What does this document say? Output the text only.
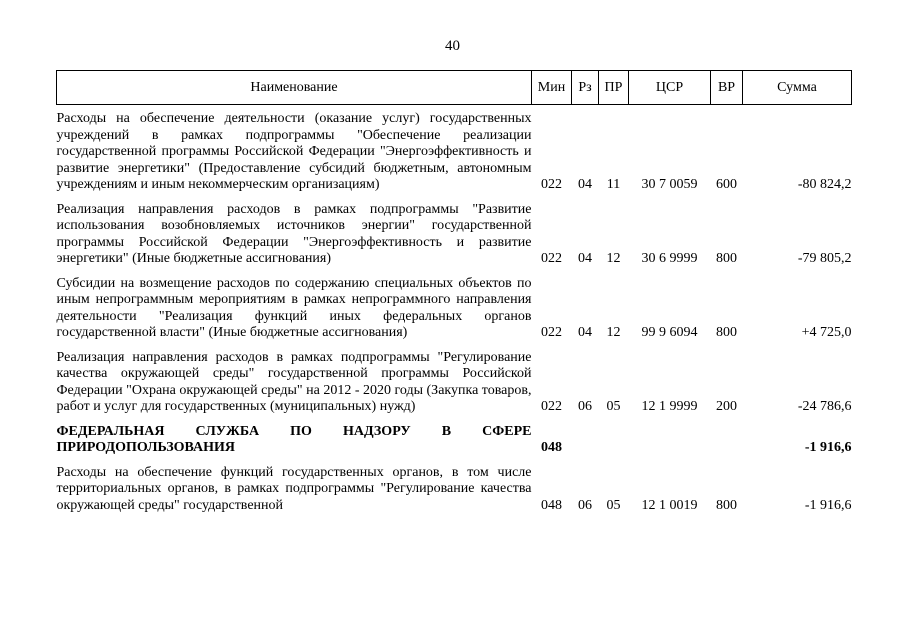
40
Наименование	Мин	Рз	ПР	ЦСР	ВР	Сумма
Расходы на обеспечение деятельности (оказание услуг) государственных учреждений в рамках подпрограммы "Обеспечение реализации государственной программы Российской Федерации "Энергоэффективность и развитие энергетики" (Предоставление субсидий бюджетным, автономным учреждениям и иным некоммерческим организациям)	022	04	11	30 7 0059	600	-80 824,2
Реализация направления расходов в рамках подпрограммы "Развитие использования возобновляемых источников энергии" государственной программы Российской Федерации "Энергоэффективность и развитие энергетики" (Иные бюджетные ассигнования)	022	04	12	30 6 9999	800	-79 805,2
Субсидии на возмещение расходов по содержанию специальных объектов по иным непрограммным мероприятиям в рамках непрограммного направления деятельности "Реализация функций иных федеральных органов государственной власти" (Иные бюджетные ассигнования)	022	04	12	99 9 6094	800	+4 725,0
Реализация направления расходов в рамках подпрограммы "Регулирование качества окружающей среды" государственной программы Российской Федерации "Охрана окружающей среды" на 2012 - 2020 годы (Закупка товаров, работ и услуг для государственных (муниципальных) нужд)	022	06	05	12 1 9999	200	-24 786,6
ФЕДЕРАЛЬНАЯ СЛУЖБА ПО НАДЗОРУ В СФЕРЕ ПРИРОДОПОЛЬЗОВАНИЯ	048					-1 916,6
Расходы на обеспечение функций государственных органов, в том числе территориальных органов, в рамках подпрограммы "Регулирование качества окружающей среды" государственной	048	06	05	12 1 0019	800	-1 916,6
